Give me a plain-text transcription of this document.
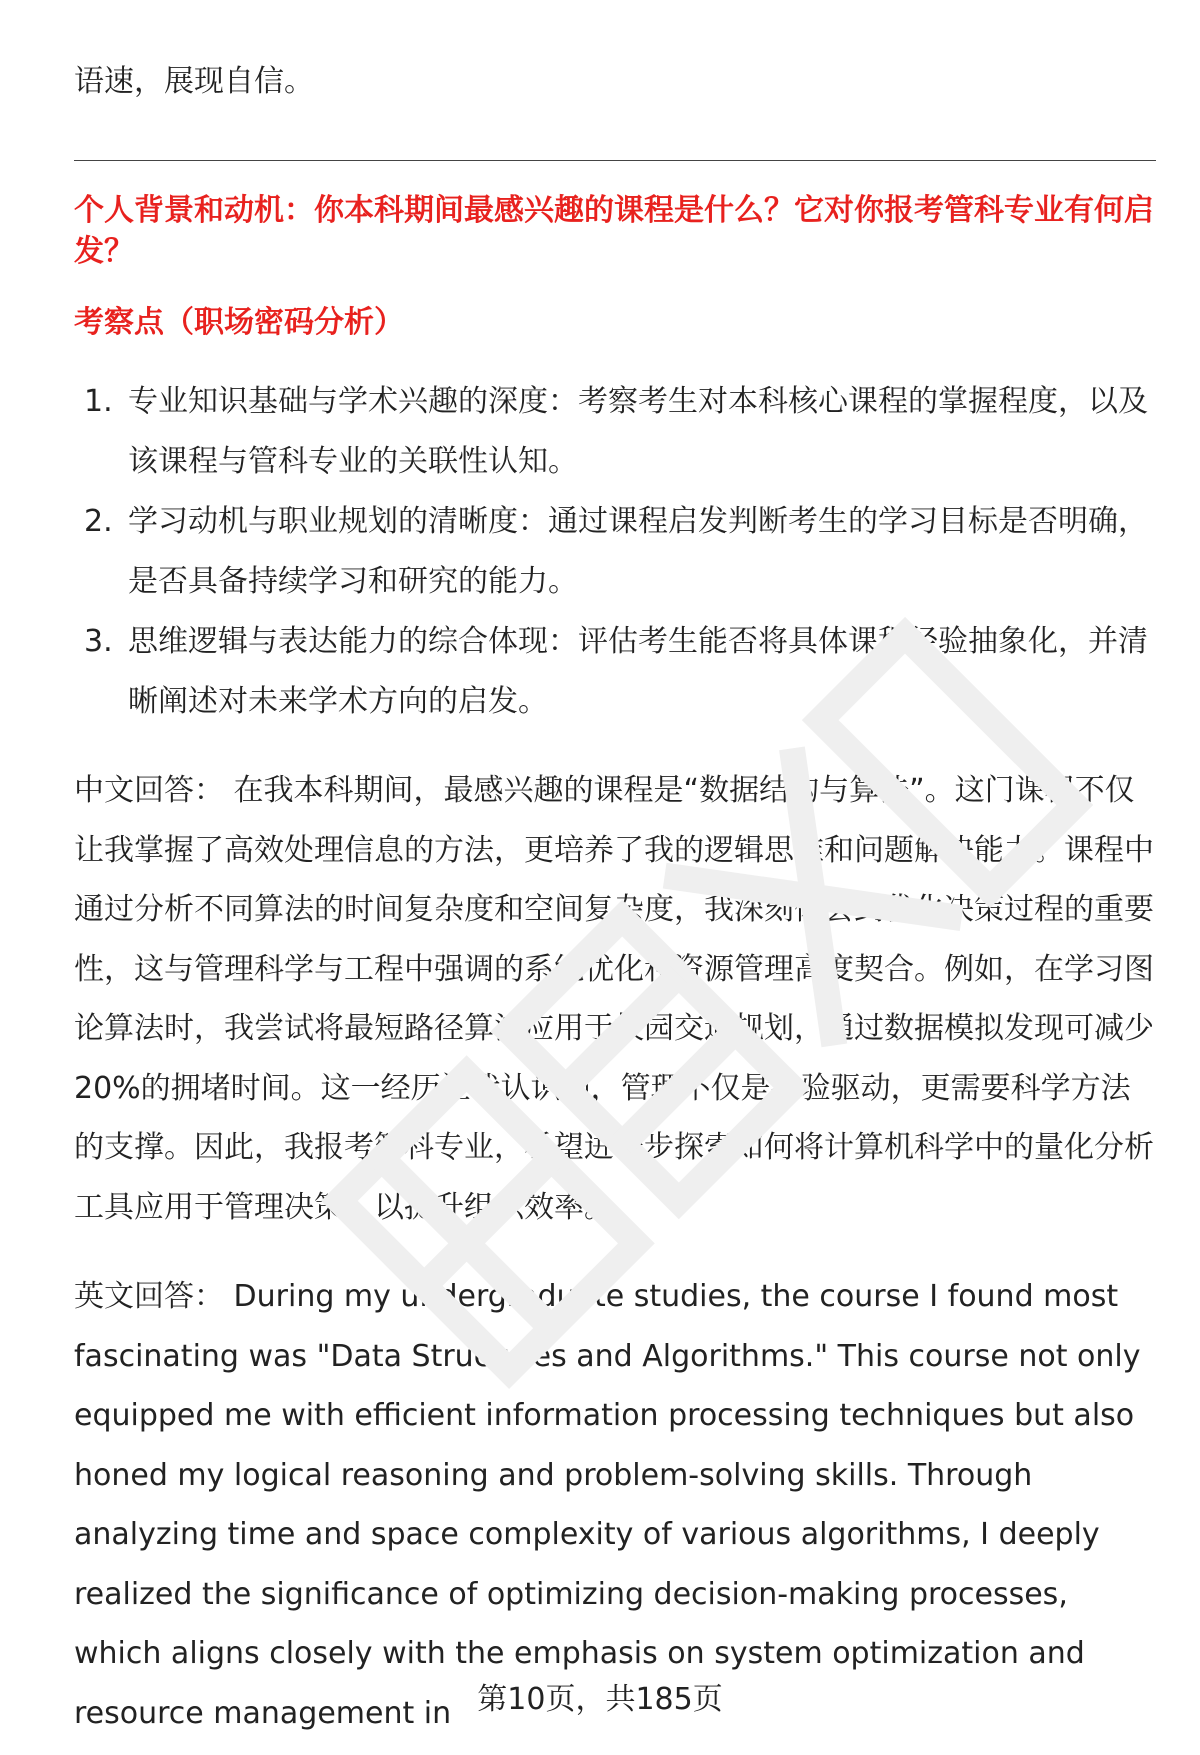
语速，展现自信。

个人背景和动机：你本科期间最感兴趣的课程是什么？它对你报考管科专业有何启发？

考察点（职场密码分析）

1. 专业知识基础与学术兴趣的深度：考察考生对本科核心课程的掌握程度，以及该课程与管科专业的关联性认知。
2. 学习动机与职业规划的清晰度：通过课程启发判断考生的学习目标是否明确，是否具备持续学习和研究的能力。
3. 思维逻辑与表达能力的综合体现：评估考生能否将具体课程经验抽象化，并清晰阐述对未来学术方向的启发。

中文回答： 在我本科期间，最感兴趣的课程是“数据结构与算法”。这门课程不仅让我掌握了高效处理信息的方法，更培养了我的逻辑思维和问题解决能力。课程中通过分析不同算法的时间复杂度和空间复杂度，我深刻体会到优化决策过程的重要性，这与管理科学与工程中强调的系统优化和资源管理高度契合。例如，在学习图论算法时，我尝试将最短路径算法应用于校园交通规划，通过数据模拟发现可减少20%的拥堵时间。这一经历让我认识到，管理不仅是经验驱动，更需要科学方法的支撑。因此，我报考管科专业，希望进一步探索如何将计算机科学中的量化分析工具应用于管理决策，以提升组织效率。

英文回答： During my undergraduate studies, the course I found most fascinating was "Data Structures and Algorithms." This course not only equipped me with efficient information processing techniques but also honed my logical reasoning and problem-solving skills. Through analyzing time and space complexity of various algorithms, I deeply realized the significance of optimizing decision-making processes, which aligns closely with the emphasis on system optimization and resource management in 第10页，共185页
